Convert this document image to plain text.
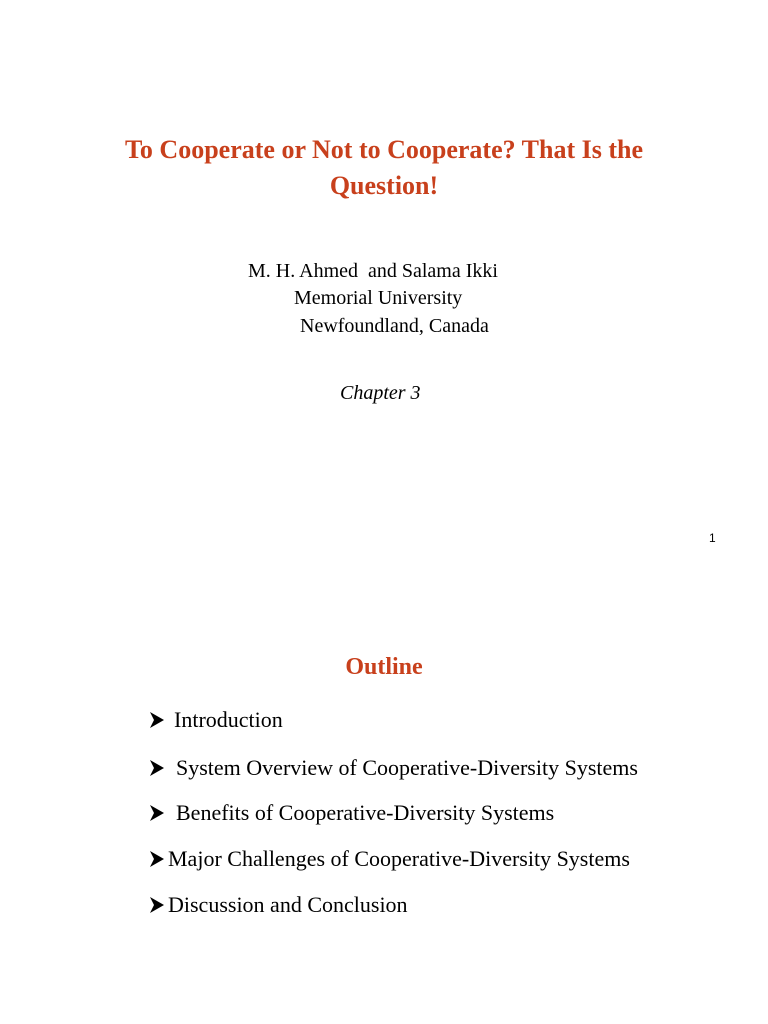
To Cooperate or Not to Cooperate? That Is the
Question!
M. H. Ahmed  and Salama Ikki
Memorial University
Newfoundland, Canada
Chapter 3
1
Outline
Introduction
System Overview of Cooperative-Diversity Systems
Benefits of Cooperative-Diversity Systems
Major Challenges of Cooperative-Diversity Systems
Discussion and Conclusion
